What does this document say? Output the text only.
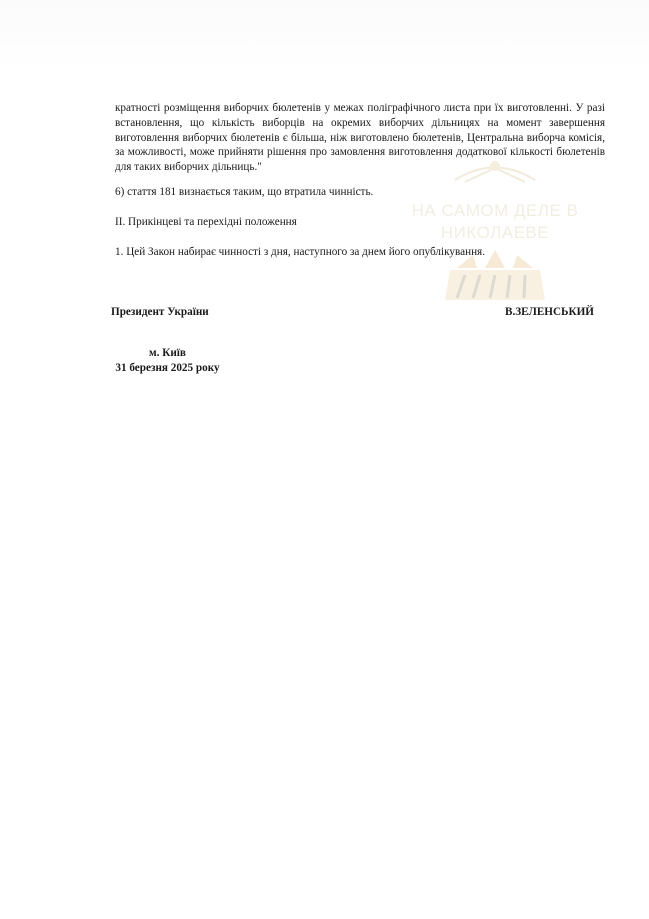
НА САМОМ ДЕЛЕ В
НИКОЛАЕВЕ

кратності розміщення виборчих бюлетенів у межах поліграфічного листа при їх виготовленні. У разі встановлення, що кількість виборців на окремих виборчих дільницях на момент завершення виготовлення виборчих бюлетенів є більша, ніж виготовлено бюлетенів, Центральна виборча комісія, за можливості, може прийняти рішення про замовлення виготовлення додаткової кількості бюлетенів для таких виборчих дільниць."

6) стаття 181 визнається таким, що втратила чинність.
II. Прикінцеві та перехідні положення
1. Цей Закон набирає чинності з дня, наступного за днем його опублікування.
Президент України	В.ЗЕЛЕНСЬКИЙ
м. Київ
31 березня 2025 року
